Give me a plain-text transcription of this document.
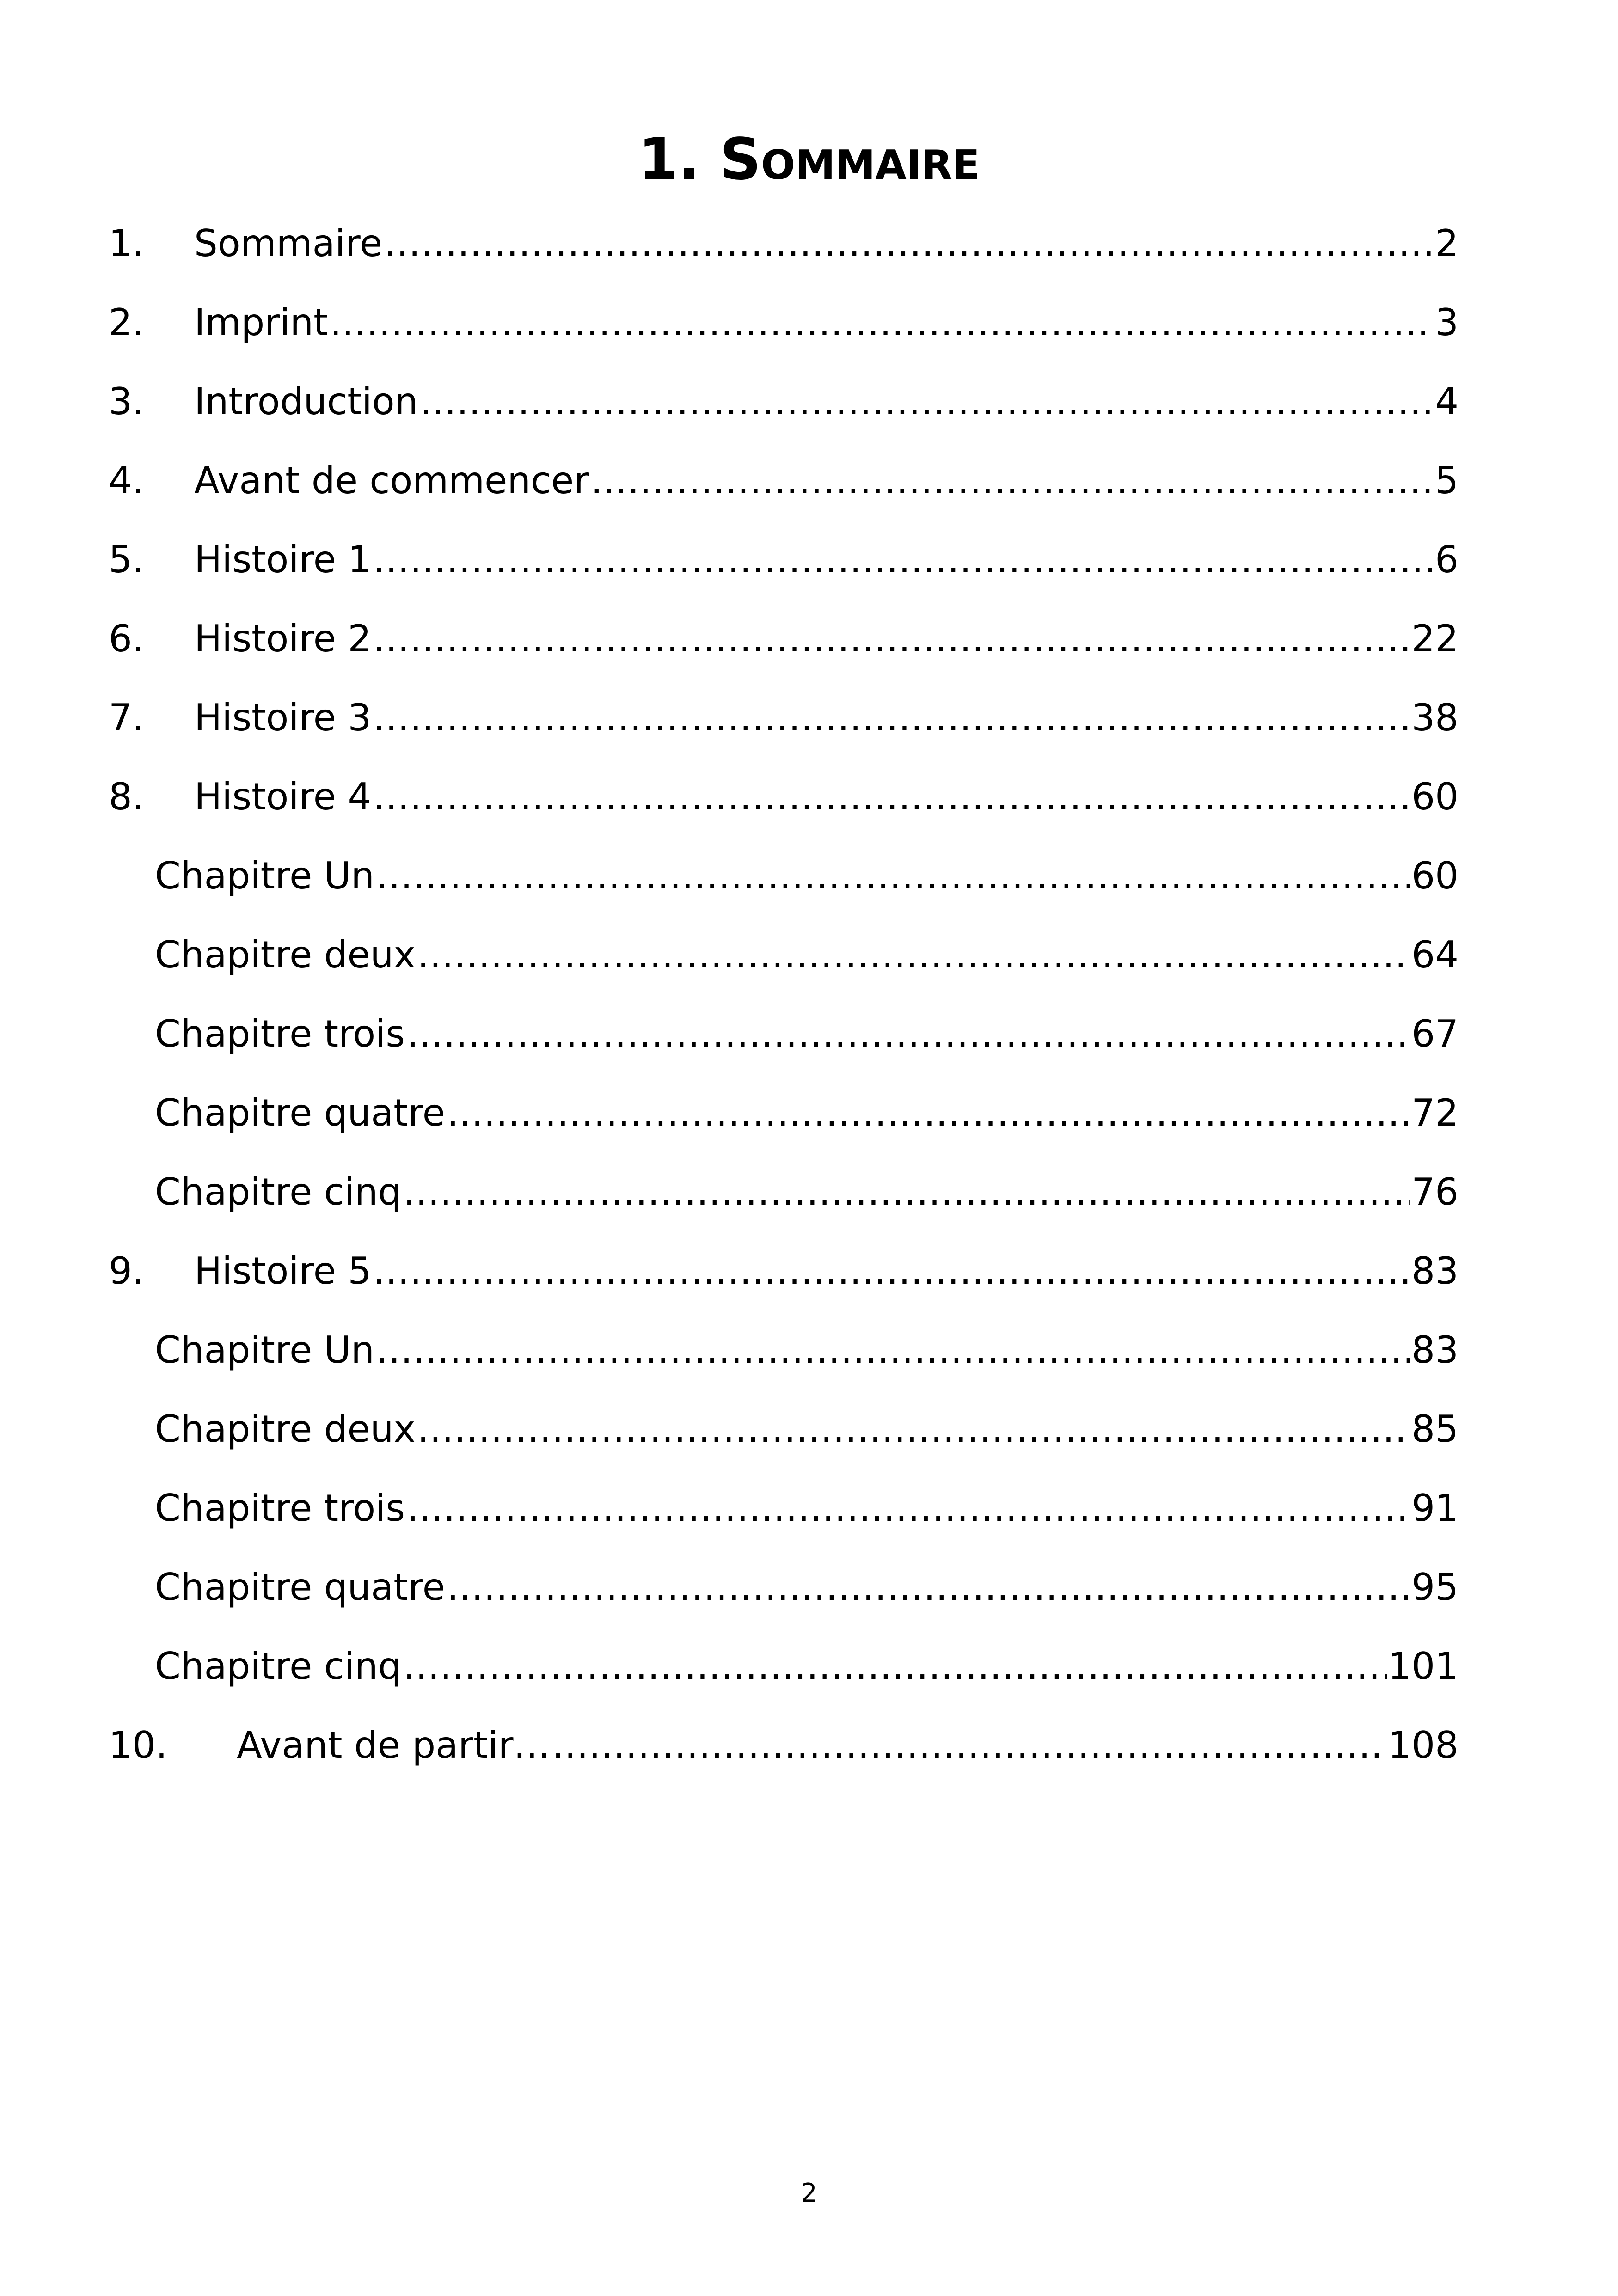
1. Sommaire
1. Sommaire .....	2
2. Imprint .....	3
3. Introduction .....	4
4. Avant de commencer .....	5
5. Histoire 1 .....	6
6. Histoire 2 .....	22
7. Histoire 3 .....	38
8. Histoire 4 .....	60
Chapitre Un .....	60
Chapitre deux .....	64
Chapitre trois .....	67
Chapitre quatre .....	72
Chapitre cinq .....	76
9. Histoire 5 .....	83
Chapitre Un .....	83
Chapitre deux .....	85
Chapitre trois .....	91
Chapitre quatre .....	95
Chapitre cinq .....	101
10. Avant de partir… .....	108
2
